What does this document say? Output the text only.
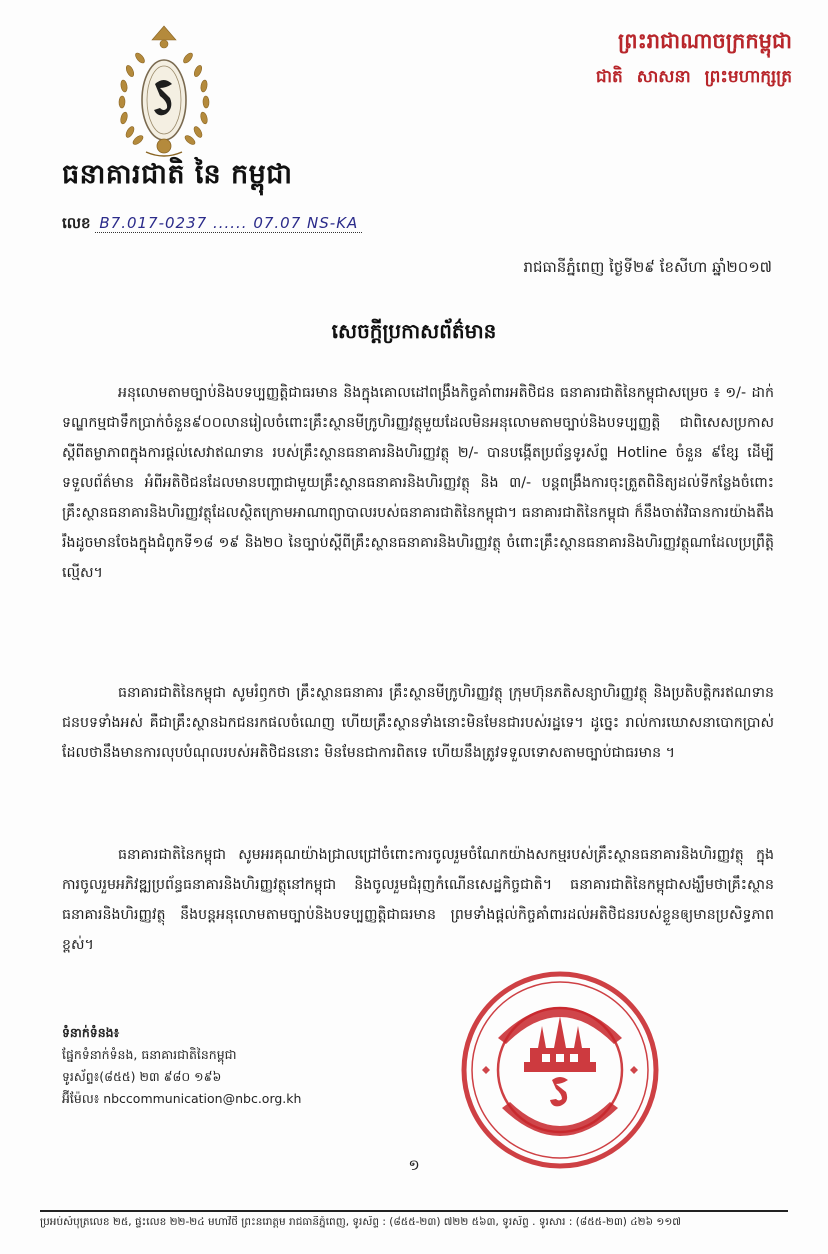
ធនាគារជាតិ នៃ កម្ពុជា
ព្រះរាជាណាចក្រកម្ពុជា
ជាតិ សាសនា ព្រះមហាក្សត្រ
លេខ B7.017-0237 ...... 07.07 NS-KA
រាជធានីភ្នំពេញ ថ្ងៃទី២៩ ខែសីហា ឆ្នាំ២០១៧
សេចក្តីប្រកាសព័ត៌មាន

អនុលោមតាមច្បាប់និងបទប្បញ្ញត្តិជាធរមាន និងក្នុងគោលដៅពង្រឹងកិច្ចគាំពារអតិថិជន ធនាគារជាតិនៃកម្ពុជាសម្រេច ៖ ១/- ដាក់ទណ្ឌកម្មជាទឹកប្រាក់ចំនួន៩០០លានរៀលចំពោះគ្រឹះស្ថានមីក្រូហិរញ្ញវត្ថុមួយដែលមិនអនុលោមតាមច្បាប់និងបទប្បញ្ញត្តិ ជាពិសេសប្រកាសស្តីពីតម្លាភាពក្នុងការផ្តល់សេវាឥណទាន របស់គ្រឹះស្ថានធនាគារនិងហិរញ្ញវត្ថុ ២/- បានបង្កើតប្រព័ន្ធទូរស័ព្ទ Hotline ចំនួន ៩ខ្សែ ដើម្បីទទួលព័ត៌មាន អំពីអតិថិជនដែលមានបញ្ហាជាមួយគ្រឹះស្ថានធនាគារនិងហិរញ្ញវត្ថុ និង ៣/- បន្តពង្រឹងការចុះត្រួតពិនិត្យដល់ទីកន្លែងចំពោះគ្រឹះស្ថានធនាគារនិងហិរញ្ញវត្ថុដែលស្ថិតក្រោមអាណាព្យាបាលរបស់ធនាគារជាតិនៃកម្ពុជា។ ធនាគារជាតិនៃកម្ពុជា ក៏នឹងចាត់វិធានការយ៉ាងតឹងរឹងដូចមានចែងក្នុងជំពូកទី១៨ ១៩ និង២០ នៃច្បាប់ស្តីពីគ្រឹះស្ថានធនាគារនិងហិរញ្ញវត្ថុ ចំពោះគ្រឹះស្ថានធនាគារនិងហិរញ្ញវត្ថុណាដែលប្រព្រឹត្តិល្មើស។

ធនាគារជាតិនៃកម្ពុជា សូមរំឭកថា គ្រឹះស្ថានធនាគារ គ្រឹះស្ថានមីក្រូហិរញ្ញវត្ថុ ក្រុមហ៊ុនភតិសន្យាហិរញ្ញវត្ថុ និងប្រតិបត្តិករឥណទានជនបទទាំងអស់ គឺជាគ្រឹះស្ថានឯកជនរកផលចំណេញ ហើយគ្រឹះស្ថានទាំងនោះមិនមែនជារបស់រដ្ឋទេ។ ដូច្នេះ រាល់ការឃោសនាបោកប្រាស់ដែលថានឹងមានការលុបបំណុលរបស់អតិថិជននោះ មិនមែនជាការពិតទេ ហើយនឹងត្រូវទទួលទោសតាមច្បាប់ជាធរមាន ។

ធនាគារជាតិនៃកម្ពុជា សូមអរគុណយ៉ាងជ្រាលជ្រៅចំពោះការចូលរួមចំណែកយ៉ាងសកម្មរបស់គ្រឹះស្ថានធនាគារនិងហិរញ្ញវត្ថុ ក្នុងការចូលរួមអភិវឌ្ឍប្រព័ន្ធធនាគារនិងហិរញ្ញវត្ថុនៅកម្ពុជា និងចូលរួមជំរុញកំណើនសេដ្ឋកិច្ចជាតិ។ ធនាគារជាតិនៃកម្ពុជាសង្ឃឹមថាគ្រឹះស្ថានធនាគារនិងហិរញ្ញវត្ថុ នឹងបន្តអនុលោមតាមច្បាប់និងបទប្បញ្ញត្តិជាធរមាន ព្រមទាំងផ្តល់កិច្ចគាំពារដល់អតិថិជនរបស់ខ្លួនឲ្យមានប្រសិទ្ធភាពខ្ពស់។

ទំនាក់ទំនង៖
ផ្នែកទំនាក់ទំនង, ធនាគារជាតិនៃកម្ពុជា
ទូរស័ព្ទ៖(៨៥៥) ២៣ ៩៨០ ១៩៦
អ៊ីម៉ែល៖ nbccommunication@nbc.org.kh
១
ប្រអប់សំបុត្រលេខ ២៥, ផ្ទះលេខ ២២-២៤ មហាវិថី ព្រះនរោត្តម រាជធានីភ្នំពេញ, ទូរស័ព្ទ : (៨៥៥-២៣) ៧២២ ៥៦៣, ទូរស័ព្ទ . ទូរសារ : (៨៥៥-២៣) ៤២៦ ១១៧
